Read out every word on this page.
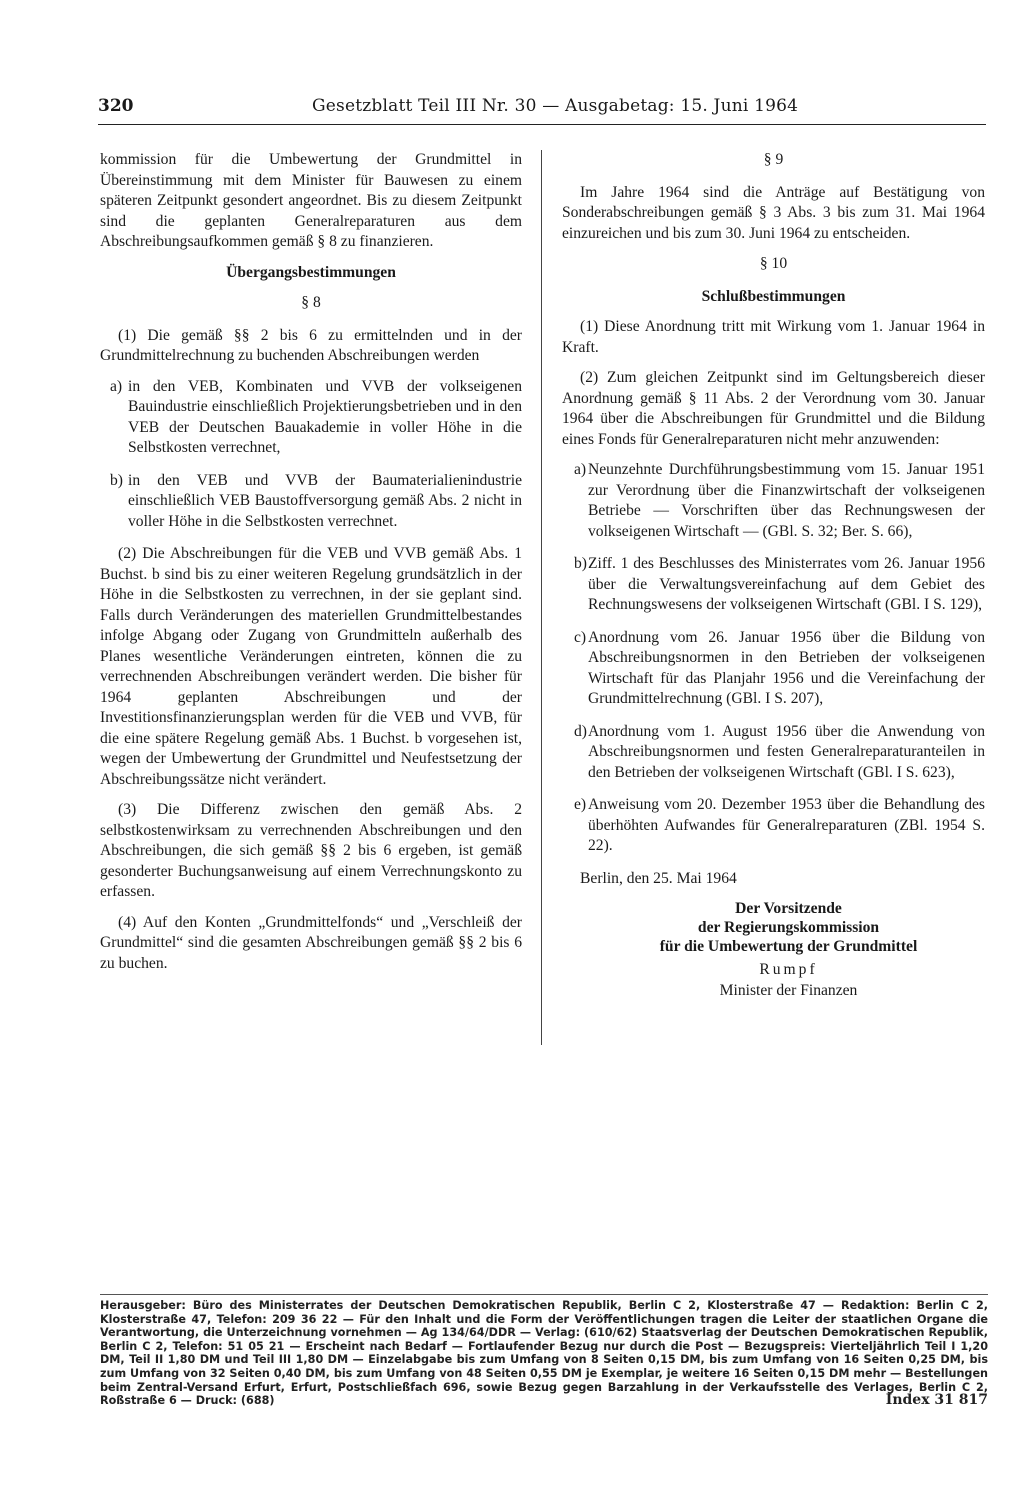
320	Gesetzblatt Teil III Nr. 30 — Ausgabetag: 15. Juni 1964

kommission für die Umbewertung der Grundmittel in Übereinstimmung mit dem Minister für Bauwesen zu einem späteren Zeitpunkt gesondert angeordnet. Bis zu diesem Zeitpunkt sind die geplanten Generalreparaturen aus dem Abschreibungsaufkommen gemäß § 8 zu finanzieren.

Übergangsbestimmungen
§ 8

(1) Die gemäß §§ 2 bis 6 zu ermittelnden und in der Grundmittelrechnung zu buchenden Abschreibungen werden

a) in den VEB, Kombinaten und VVB der volkseigenen Bauindustrie einschließlich Projektierungsbetrieben und in den VEB der Deutschen Bauakademie in voller Höhe in die Selbstkosten verrechnet,
b) in den VEB und VVB der Baumaterialienindustrie einschließlich VEB Baustoffversorgung gemäß Abs. 2 nicht in voller Höhe in die Selbstkosten verrechnet.

(2) Die Abschreibungen für die VEB und VVB gemäß Abs. 1 Buchst. b sind bis zu einer weiteren Regelung grundsätzlich in der Höhe in die Selbstkosten zu verrechnen, in der sie geplant sind. Falls durch Veränderungen des materiellen Grundmittelbestandes infolge Abgang oder Zugang von Grundmitteln außerhalb des Planes wesentliche Veränderungen eintreten, können die zu verrechnenden Abschreibungen verändert werden. Die bisher für 1964 geplanten Abschreibungen und der Investitionsfinanzierungsplan werden für die VEB und VVB, für die eine spätere Regelung gemäß Abs. 1 Buchst. b vorgesehen ist, wegen der Umbewertung der Grundmittel und Neufestsetzung der Abschreibungssätze nicht verändert.

(3) Die Differenz zwischen den gemäß Abs. 2 selbstkostenwirksam zu verrechnenden Abschreibungen und den Abschreibungen, die sich gemäß §§ 2 bis 6 ergeben, ist gemäß gesonderter Buchungsanweisung auf einem Verrechnungskonto zu erfassen.

(4) Auf den Konten „Grundmittelfonds“ und „Verschleiß der Grundmittel“ sind die gesamten Abschreibungen gemäß §§ 2 bis 6 zu buchen.

§ 9

Im Jahre 1964 sind die Anträge auf Bestätigung von Sonderabschreibungen gemäß § 3 Abs. 3 bis zum 31. Mai 1964 einzureichen und bis zum 30. Juni 1964 zu entscheiden.

§ 10
Schlußbestimmungen

(1) Diese Anordnung tritt mit Wirkung vom 1. Januar 1964 in Kraft.

(2) Zum gleichen Zeitpunkt sind im Geltungsbereich dieser Anordnung gemäß § 11 Abs. 2 der Verordnung vom 30. Januar 1964 über die Abschreibungen für Grundmittel und die Bildung eines Fonds für Generalreparaturen nicht mehr anzuwenden:

a) Neunzehnte Durchführungsbestimmung vom 15. Januar 1951 zur Verordnung über die Finanzwirtschaft der volkseigenen Betriebe — Vorschriften über das Rechnungswesen der volkseigenen Wirtschaft — (GBl. S. 32; Ber. S. 66),
b) Ziff. 1 des Beschlusses des Ministerrates vom 26. Januar 1956 über die Verwaltungsvereinfachung auf dem Gebiet des Rechnungswesens der volkseigenen Wirtschaft (GBl. I S. 129),
c) Anordnung vom 26. Januar 1956 über die Bildung von Abschreibungsnormen in den Betrieben der volkseigenen Wirtschaft für das Planjahr 1956 und die Vereinfachung der Grundmittelrechnung (GBl. I S. 207),
d) Anordnung vom 1. August 1956 über die Anwendung von Abschreibungsnormen und festen Generalreparaturanteilen in den Betrieben der volkseigenen Wirtschaft (GBl. I S. 623),
e) Anweisung vom 20. Dezember 1953 über die Behandlung des überhöhten Aufwandes für Generalreparaturen (ZBl. 1954 S. 22).

Berlin, den 25. Mai 1964

Der Vorsitzende
der Regierungskommission
für die Umbewertung der Grundmittel
Rumpf
Minister der Finanzen
Herausgeber: Büro des Ministerrates der Deutschen Demokratischen Republik, Berlin C 2, Klosterstraße 47 — Redaktion: Berlin C 2, Klosterstraße 47, Telefon: 209 36 22 — Für den Inhalt und die Form der Veröffentlichungen tragen die Leiter der staatlichen Organe die Verantwortung, die Unterzeichnung vornehmen — Ag 134/64/DDR — Verlag: (610/62) Staatsverlag der Deutschen Demokratischen Republik, Berlin C 2, Telefon: 51 05 21 — Erscheint nach Bedarf — Fortlaufender Bezug nur durch die Post — Bezugspreis: Vierteljährlich Teil I 1,20 DM, Teil II 1,80 DM und Teil III 1,80 DM — Einzelabgabe bis zum Umfang von 8 Seiten 0,15 DM, bis zum Umfang von 16 Seiten 0,25 DM, bis zum Umfang von 32 Seiten 0,40 DM, bis zum Umfang von 48 Seiten 0,55 DM je Exemplar, je weitere 16 Seiten 0,15 DM mehr — Bestellungen beim Zentral-Versand Erfurt, Erfurt, Postschließfach 696, sowie Bezug gegen Barzahlung in der Verkaufsstelle des Verlages, Berlin C 2, Roßstraße 6 — Druck: (688)	Index 31 817
